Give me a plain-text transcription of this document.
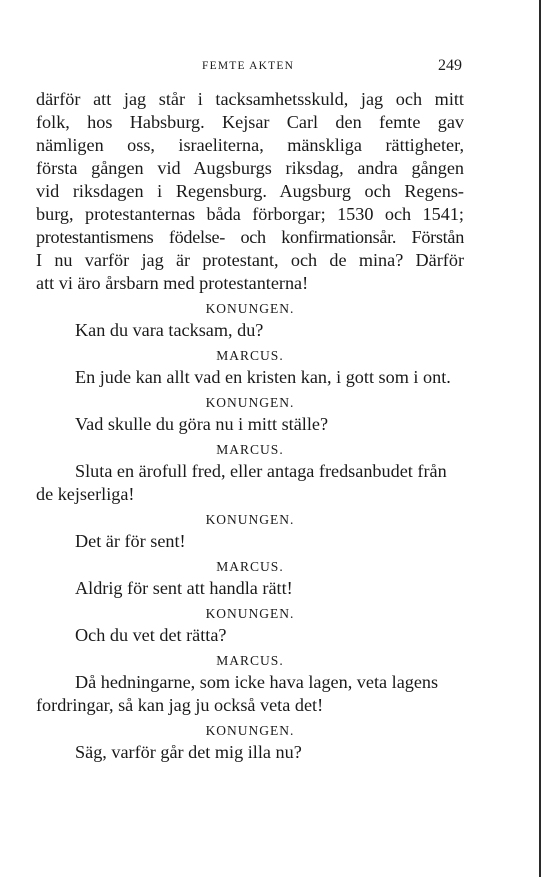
FEMTE AKTEN	249
därför att jag står i tacksamhetsskuld, jag och mitt
folk, hos Habsburg. Kejsar Carl den femte gav
nämligen oss, israeliterna, mänskliga rättigheter,
första gången vid Augsburgs riksdag, andra gången
vid riksdagen i Regensburg. Augsburg och Regens-
burg, protestanternas båda förborgar; 1530 och 1541;
protestantismens födelse- och konfirmationsår. Förstån
I nu varför jag är protestant, och de mina? Därför
att vi äro årsbarn med protestanterna!
KONUNGEN.

Kan du vara tacksam, du?

MARCUS.

En jude kan allt vad en kristen kan, i gott som i ont.

KONUNGEN.

Vad skulle du göra nu i mitt ställe?

MARCUS.

Sluta en ärofull fred, eller antaga fredsanbudet från de kejserliga!

KONUNGEN.

Det är för sent!

MARCUS.

Aldrig för sent att handla rätt!

KONUNGEN.

Och du vet det rätta?

MARCUS.

Då hedningarne, som icke hava lagen, veta lagens fordringar, så kan jag ju också veta det!

KONUNGEN.

Säg, varför går det mig illa nu?
